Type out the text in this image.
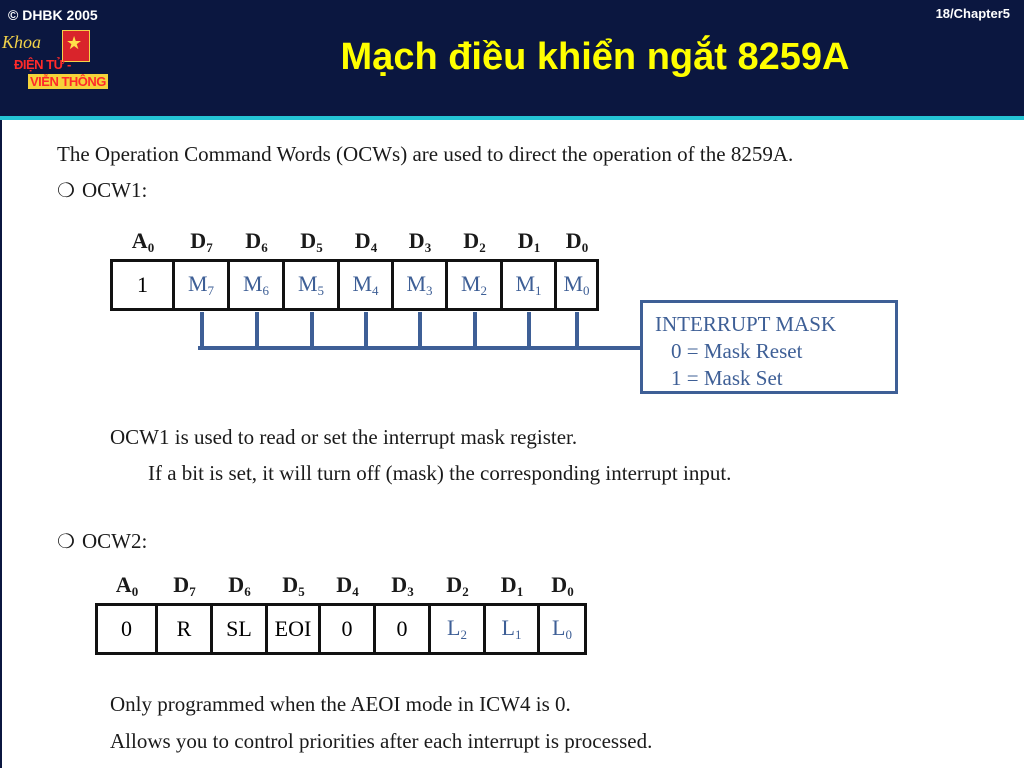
© DHBK 2005	18/Chapter5
★
Khoa
ĐIỆN TỬ -
VIỄN THÔNG
Mạch điều khiển ngắt 8259A
The Operation Command Words (OCWs) are used to direct the operation of the 8259A.
❍ OCW1:
$A_0$	$D_7$	$D_6$	$D_5$	$D_4$	$D_3$	$D_2$	$D_1$	$D_0$
1	$M_7$	$M_6$	$M_5$	$M_4$	$M_3$	$M_2$	$M_1$	$M_0$
INTERRUPT MASK
0 = Mask Reset
1 = Mask Set
OCW1 is used to read or set the interrupt mask register.
If a bit is set, it will turn off (mask) the corresponding interrupt input.
❍ OCW2:
$A_0$	$D_7$	$D_6$	$D_5$	$D_4$	$D_3$	$D_2$	$D_1$	$D_0$
0	R	SL	EOI	0	0	$L_2$	$L_1$	$L_0$
Only programmed when the AEOI mode in ICW4 is 0.
Allows you to control priorities after each interrupt is processed.
